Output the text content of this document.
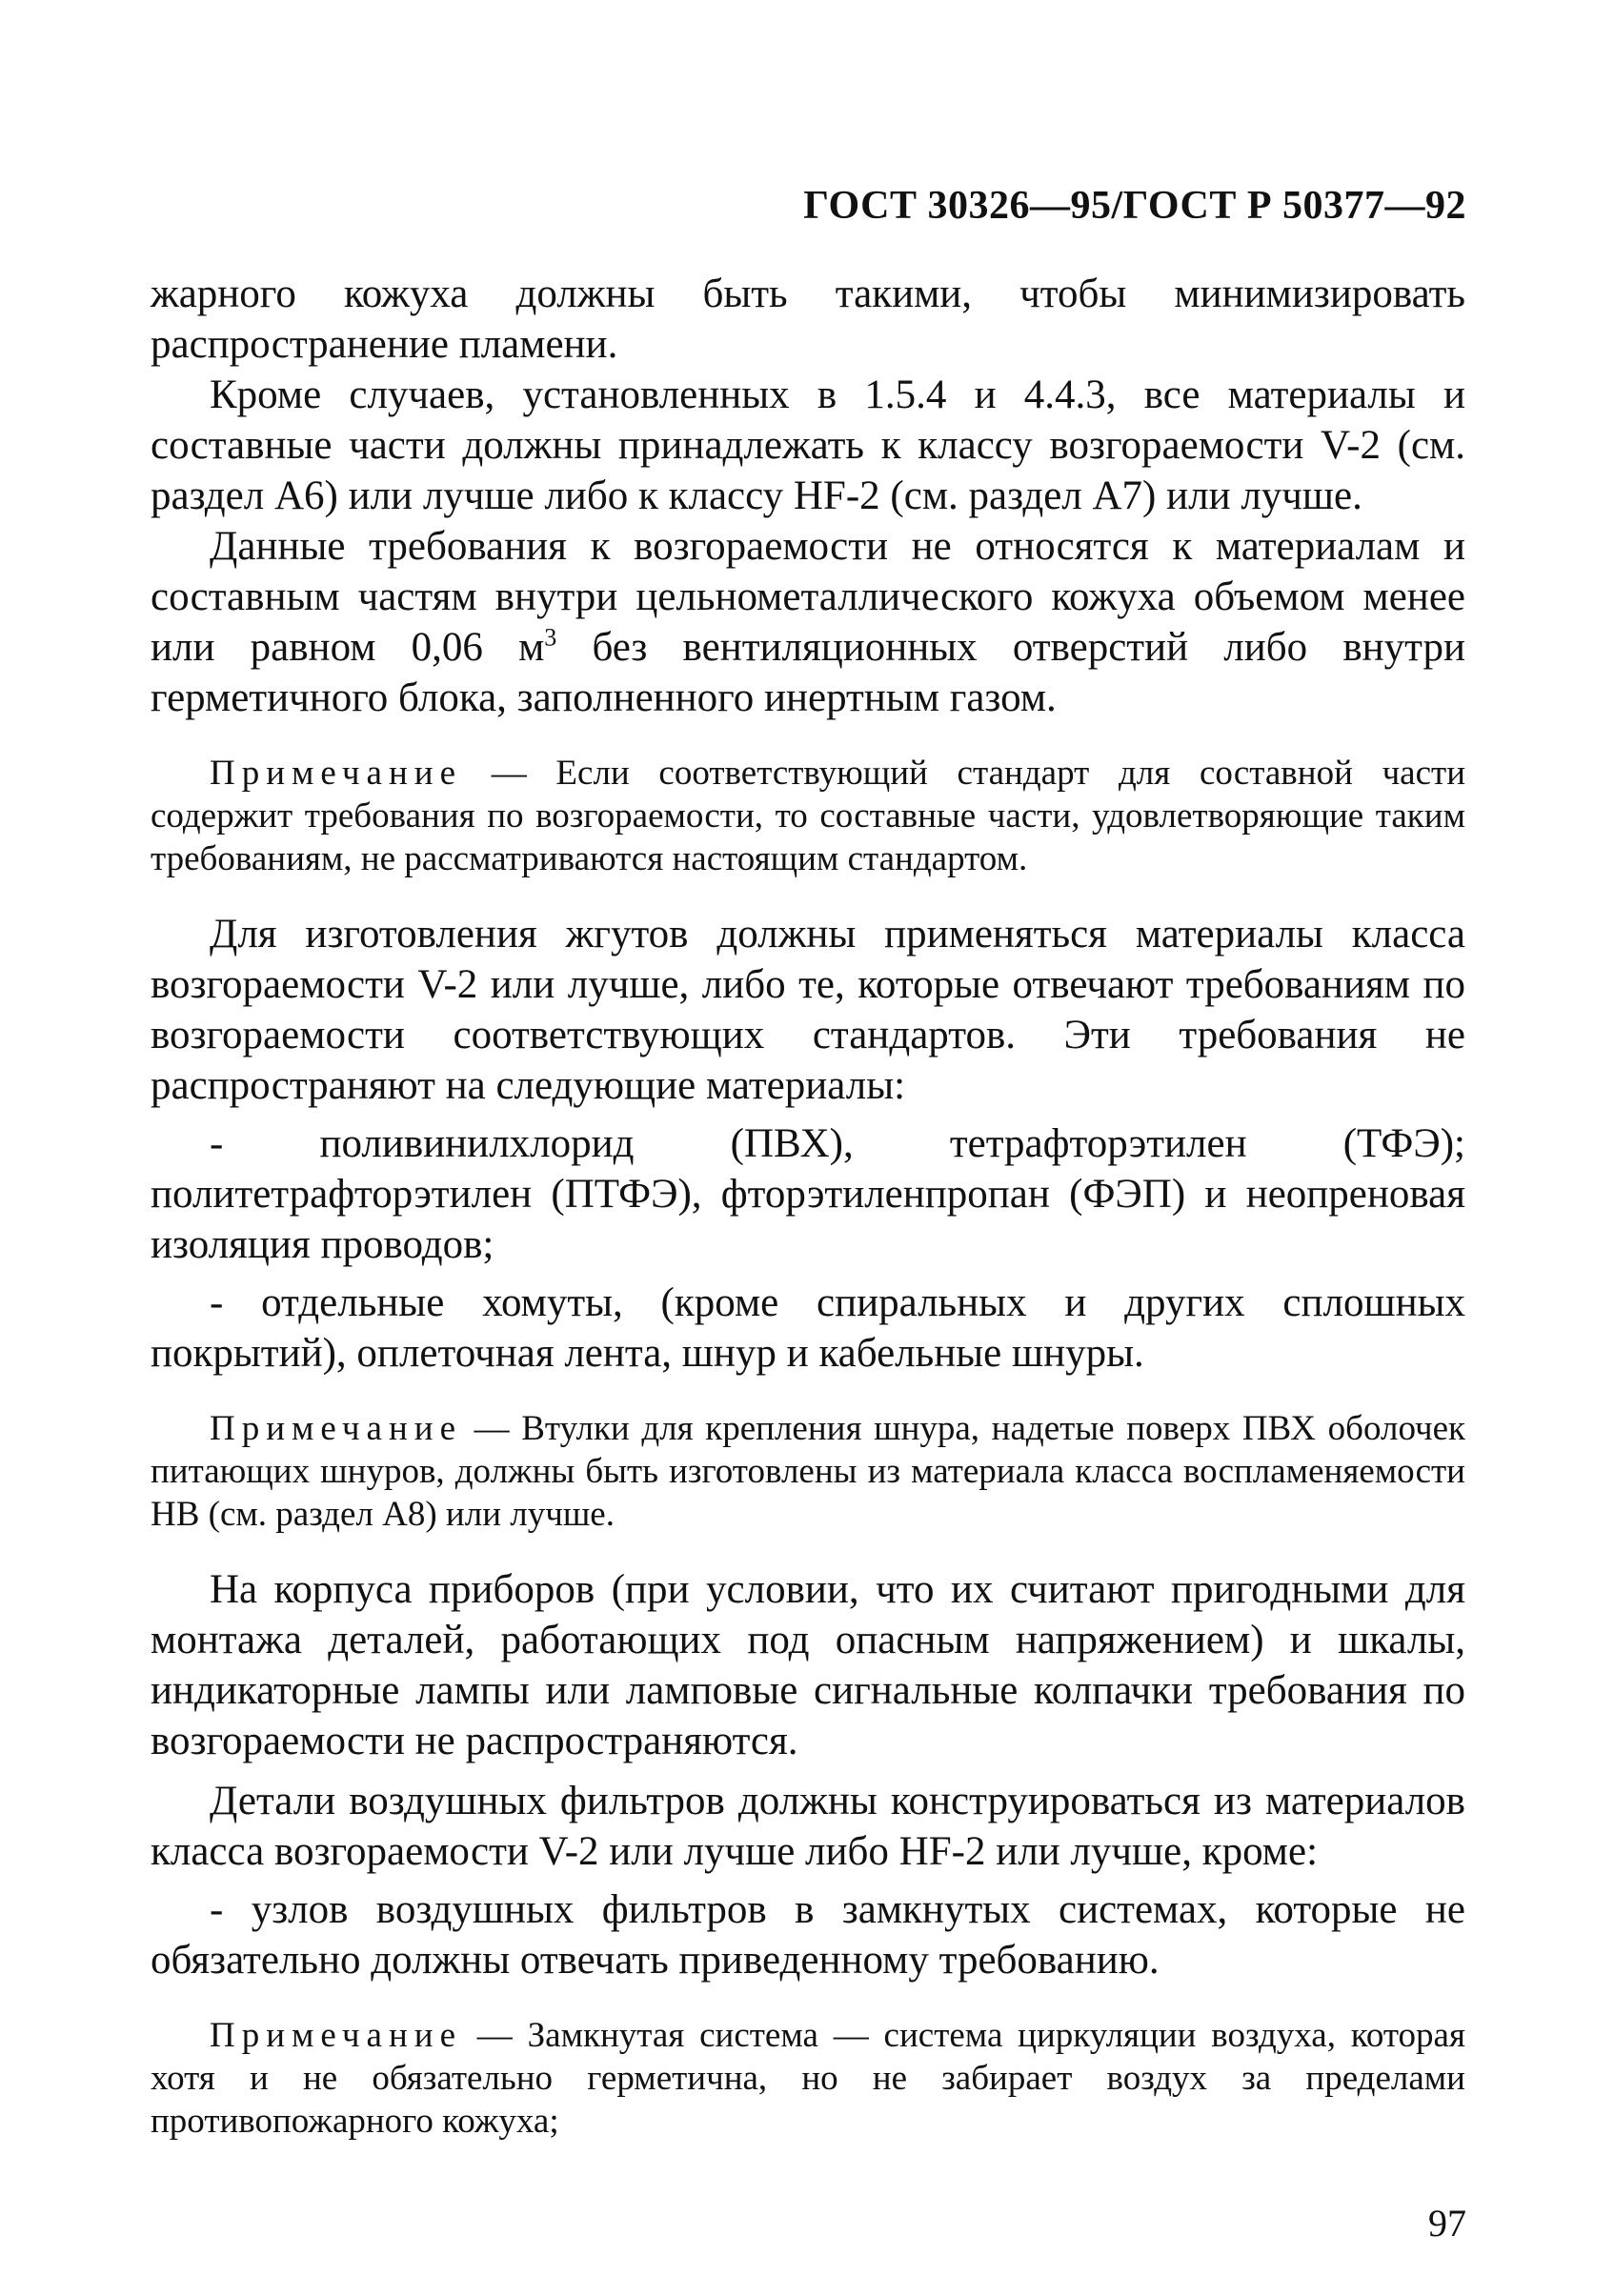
ГОСТ 30326—95/ГОСТ Р 50377—92

жарного кожуха должны быть такими, чтобы минимизировать распространение пламени.

Кроме случаев, установленных в 1.5.4 и 4.4.3, все материалы и составные части должны принадлежать к классу возгораемости V-2 (см. раздел А6) или лучше либо к классу HF-2 (см. раздел А7) или лучше.

Данные требования к возгораемости не относятся к материалам и составным частям внутри цельнометаллического кожуха объемом менее или равном 0,06 $м^3$ без вентиляционных отверстий либо внутри герметичного блока, заполненного инертным газом.

Примечание — Если соответствующий стандарт для составной части содержит требования по возгораемости, то составные части, удовлетворяющие таким требованиям, не рассматриваются настоящим стандартом.

Для изготовления жгутов должны применяться материалы класса возгораемости V-2 или лучше, либо те, которые отвечают требованиям по возгораемости соответствующих стандартов. Эти требования не распространяют на следующие материалы:

- поливинилхлорид (ПВХ), тетрафторэтилен (ТФЭ); политетрафторэтилен (ПТФЭ), фторэтиленпропан (ФЭП) и неопреновая изоляция проводов;

- отдельные хомуты, (кроме спиральных и других сплошных покрытий), оплеточная лента, шнур и кабельные шнуры.

Примечание — Втулки для крепления шнура, надетые поверх ПВХ оболочек питающих шнуров, должны быть изготовлены из материала класса воспламеняемости НВ (см. раздел А8) или лучше.

На корпуса приборов (при условии, что их считают пригодными для монтажа деталей, работающих под опасным напряжением) и шкалы, индикаторные лампы или ламповые сигнальные колпачки требования по возгораемости не распространяются.

Детали воздушных фильтров должны конструироваться из материалов класса возгораемости V-2 или лучше либо HF-2 или лучше, кроме:

- узлов воздушных фильтров в замкнутых системах, которые не обязательно должны отвечать приведенному требованию.

Примечание — Замкнутая система — система циркуляции воздуха, которая хотя и не обязательно герметична, но не забирает воздух за пределами противопожарного кожуха;

97
